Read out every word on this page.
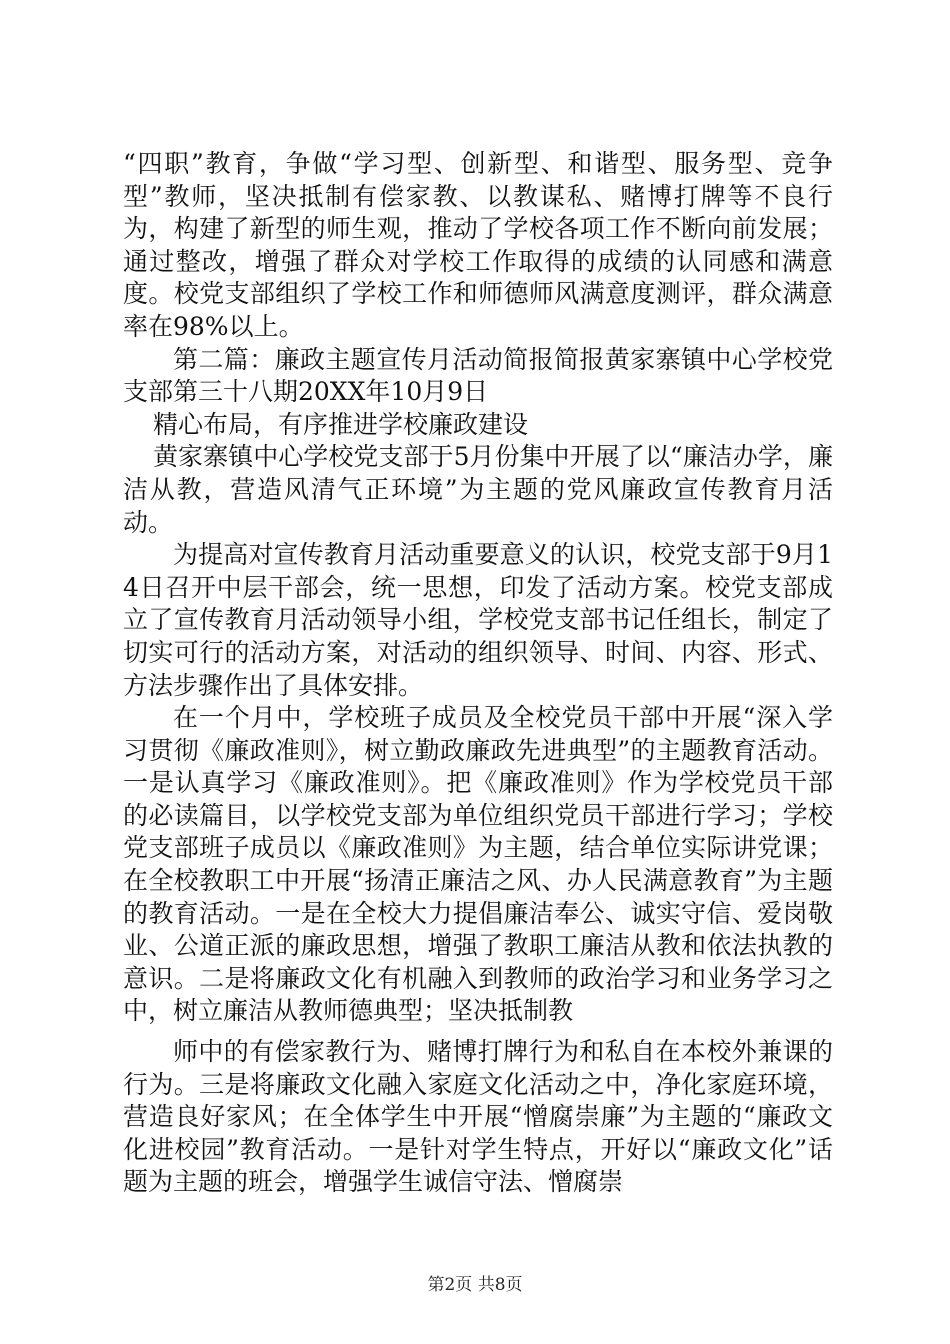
“四职”教育，争做“学习型、创新型、和谐型、服务型、竞争型”教师，坚决抵制有偿家教、以教谋私、赌博打牌等不良行为，构建了新型的师生观，推动了学校各项工作不断向前发展；通过整改，增强了群众对学校工作取得的成绩的认同感和满意度。校党支部组织了学校工作和师德师风满意度测评，群众满意率在98%以上。

第二篇：廉政主题宣传月活动简报简报黄家寨镇中心学校党支部第三十八期20XX年10月9日

精心布局，有序推进学校廉政建设

黄家寨镇中心学校党支部于5月份集中开展了以“廉洁办学，廉洁从教，营造风清气正环境”为主题的党风廉政宣传教育月活动。

为提高对宣传教育月活动重要意义的认识，校党支部于9月14日召开中层干部会，统一思想，印发了活动方案。校党支部成立了宣传教育月活动领导小组，学校党支部书记任组长，制定了切实可行的活动方案，对活动的组织领导、时间、内容、形式、方法步骤作出了具体安排。

在一个月中，学校班子成员及全校党员干部中开展“深入学习贯彻《廉政准则》，树立勤政廉政先进典型”的主题教育活动。一是认真学习《廉政准则》。把《廉政准则》作为学校党员干部的必读篇目，以学校党支部为单位组织党员干部进行学习；学校党支部班子成员以《廉政准则》为主题，结合单位实际讲党课；在全校教职工中开展“扬清正廉洁之风、办人民满意教育”为主题的教育活动。一是在全校大力提倡廉洁奉公、诚实守信、爱岗敬业、公道正派的廉政思想，增强了教职工廉洁从教和依法执教的意识。二是将廉政文化有机融入到教师的政治学习和业务学习之中，树立廉洁从教师德典型；坚决抵制教

师中的有偿家教行为、赌博打牌行为和私自在本校外兼课的行为。三是将廉政文化融入家庭文化活动之中，净化家庭环境，营造良好家风；在全体学生中开展“憎腐崇廉”为主题的“廉政文化进校园”教育活动。一是针对学生特点，开好以“廉政文化”话题为主题的班会，增强学生诚信守法、憎腐崇

第2页 共8页
